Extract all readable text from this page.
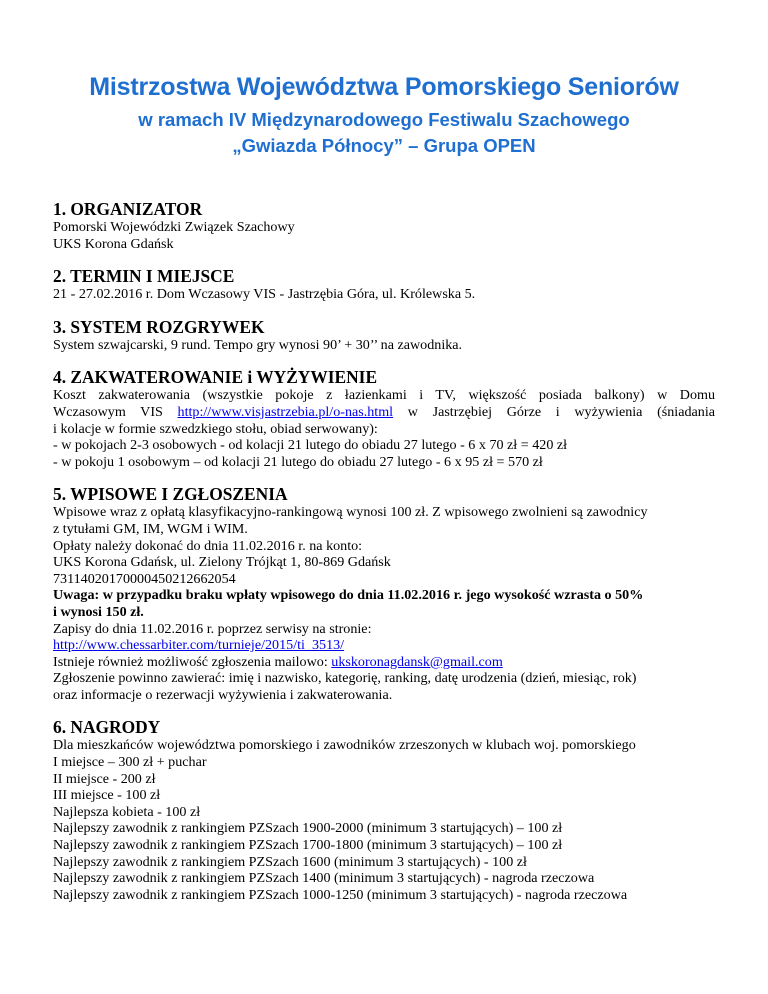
Mistrzostwa Województwa Pomorskiego Seniorów
w ramach IV Międzynarodowego Festiwalu Szachowego
„Gwiazda Północy” – Grupa OPEN
1. ORGANIZATOR
Pomorski Wojewódzki Związek Szachowy
UKS Korona Gdańsk
2. TERMIN I MIEJSCE
21 - 27.02.2016 r. Dom Wczasowy VIS - Jastrzębia Góra, ul. Królewska 5.
3. SYSTEM ROZGRYWEK
System szwajcarski, 9 rund. Tempo gry wynosi 90’ + 30’’ na zawodnika.
4. ZAKWATEROWANIE i WYŻYWIENIE
Koszt zakwaterowania (wszystkie pokoje z łazienkami i TV, większość posiada balkony) w Domu
Wczasowym VIS http://www.visjastrzebia.pl/o-nas.html w Jastrzębiej Górze i wyżywienia (śniadania
i kolacje w formie szwedzkiego stołu, obiad serwowany):
- w pokojach 2-3 osobowych - od kolacji 21 lutego do obiadu 27 lutego - 6 x 70 zł = 420 zł
- w pokoju 1 osobowym – od kolacji 21 lutego do obiadu 27 lutego - 6 x 95 zł = 570 zł
5. WPISOWE I ZGŁOSZENIA
Wpisowe wraz z opłatą klasyfikacyjno-rankingową wynosi 100 zł. Z wpisowego zwolnieni są zawodnicy
z tytułami GM, IM, WGM i WIM.
Opłaty należy dokonać do dnia 11.02.2016 r. na konto:
UKS Korona Gdańsk, ul. Zielony Trójkąt 1, 80-869 Gdańsk
73114020170000450212662054
Uwaga: w przypadku braku wpłaty wpisowego do dnia 11.02.2016 r. jego wysokość wzrasta o 50%
i wynosi 150 zł.
Zapisy do dnia 11.02.2016 r. poprzez serwisy na stronie:
http://www.chessarbiter.com/turnieje/2015/ti_3513/
Istnieje również możliwość zgłoszenia mailowo: ukskoronagdansk@gmail.com
Zgłoszenie powinno zawierać: imię i nazwisko, kategorię, ranking, datę urodzenia (dzień, miesiąc, rok)
oraz informacje o rezerwacji wyżywienia i zakwaterowania.
6. NAGRODY
Dla mieszkańców województwa pomorskiego i zawodników zrzeszonych w klubach woj. pomorskiego
I miejsce – 300 zł + puchar
II miejsce - 200 zł
III miejsce - 100 zł
Najlepsza kobieta - 100 zł
Najlepszy zawodnik z rankingiem PZSzach 1900-2000 (minimum 3 startujących) – 100 zł
Najlepszy zawodnik z rankingiem PZSzach 1700-1800 (minimum 3 startujących) – 100 zł
Najlepszy zawodnik z rankingiem PZSzach 1600 (minimum 3 startujących) - 100 zł
Najlepszy zawodnik z rankingiem PZSzach 1400 (minimum 3 startujących) - nagroda rzeczowa
Najlepszy zawodnik z rankingiem PZSzach 1000-1250 (minimum 3 startujących) - nagroda rzeczowa
